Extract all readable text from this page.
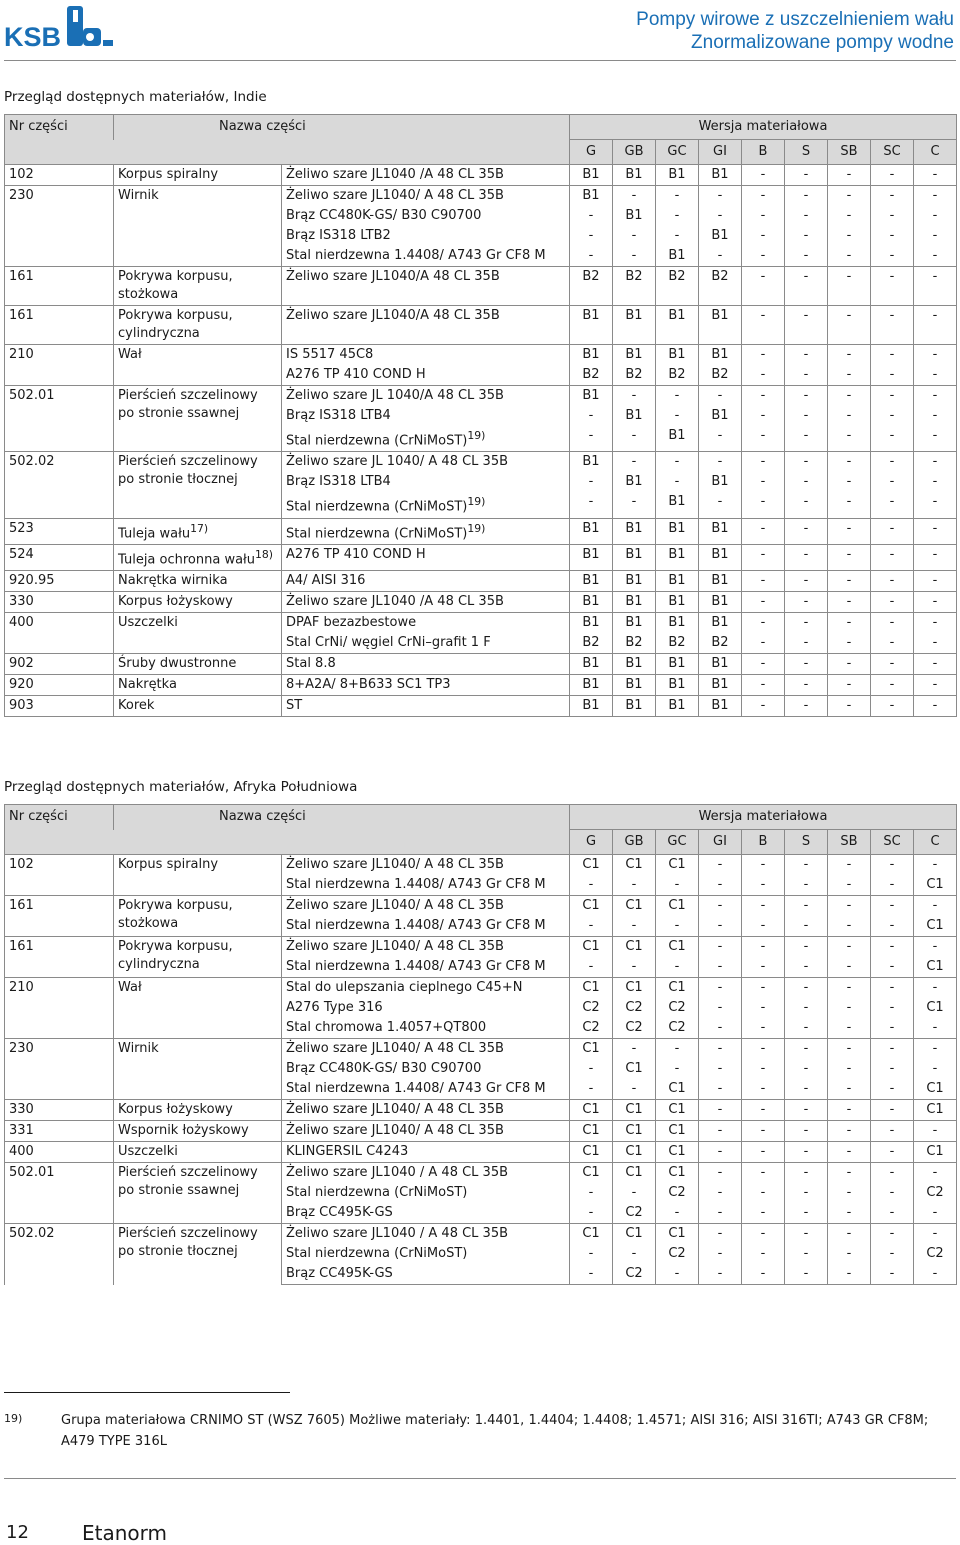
KSB
Pompy wirowe z uszczelnieniem wału
Znormalizowane pompy wodne
Przegląd dostępnych materiałów, Indie
Nr części	Nazwa części		Wersja materiałowa								
			G	GB	GC	GI	B	S	SB	SC	C
102	Korpus spiralny	Żeliwo szare JL1040 /A 48 CL 35B	B1	B1	B1	B1	-	-	-	-	-
230	Wirnik	Żeliwo szare JL1040/ A 48 CL 35B	B1	-	-	-	-	-	-	-	-
		Brąz CC480K-GS/ B30 C90700	-	B1	-	-	-	-	-	-	-
		Brąz IS318 LTB2	-	-	-	B1	-	-	-	-	-
		Stal nierdzewna 1.4408/ A743 Gr CF8 M	-	-	B1	-	-	-	-	-	-
161	Pokrywa korpusu, stożkowa	Żeliwo szare JL1040/A 48 CL 35B	B2	B2	B2	B2	-	-	-	-	-
161	Pokrywa korpusu, cylindryczna	Żeliwo szare JL1040/A 48 CL 35B	B1	B1	B1	B1	-	-	-	-	-
210	Wał	IS 5517 45C8	B1	B1	B1	B1	-	-	-	-	-
		A276 TP 410 COND H	B2	B2	B2	B2	-	-	-	-	-
502.01	Pierścień szczelinowy po stronie ssawnej	Żeliwo szare JL 1040/A 48 CL 35B	B1	-	-	-	-	-	-	-	-
		Brąz IS318 LTB4	-	B1	-	B1	-	-	-	-	-
		Stal nierdzewna (CrNiMoST)$^{19)}$	-	-	B1	-	-	-	-	-	-
502.02	Pierścień szczelinowy po stronie tłocznej	Żeliwo szare JL 1040/ A 48 CL 35B	B1	-	-	-	-	-	-	-	-
		Brąz IS318 LTB4	-	B1	-	B1	-	-	-	-	-
		Stal nierdzewna (CrNiMoST)$^{19)}$	-	-	B1	-	-	-	-	-	-
523	Tuleja wału$^{17)}$	Stal nierdzewna (CrNiMoST)$^{19)}$	B1	B1	B1	B1	-	-	-	-	-
524	Tuleja ochronna wału$^{18)}$	A276 TP 410 COND H	B1	B1	B1	B1	-	-	-	-	-
920.95	Nakrętka wirnika	A4/ AISI 316	B1	B1	B1	B1	-	-	-	-	-
330	Korpus łożyskowy	Żeliwo szare JL1040 /A 48 CL 35B	B1	B1	B1	B1	-	-	-	-	-
400	Uszczelki	DPAF bezazbestowe	B1	B1	B1	B1	-	-	-	-	-
		Stal CrNi/ węgiel CrNi–grafit 1 F	B2	B2	B2	B2	-	-	-	-	-
902	Śruby dwustronne	Stal 8.8	B1	B1	B1	B1	-	-	-	-	-
920	Nakrętka	8+A2A/ 8+B633 SC1 TP3	B1	B1	B1	B1	-	-	-	-	-
903	Korek	ST	B1	B1	B1	B1	-	-	-	-	-
Przegląd dostępnych materiałów, Afryka Południowa
Nr części	Nazwa części		Wersja materiałowa								
			G	GB	GC	GI	B	S	SB	SC	C
102	Korpus spiralny	Żeliwo szare JL1040/ A 48 CL 35B	C1	C1	C1	-	-	-	-	-	-
		Stal nierdzewna 1.4408/ A743 Gr CF8 M	-	-	-	-	-	-	-	-	C1
161	Pokrywa korpusu, stożkowa	Żeliwo szare JL1040/ A 48 CL 35B	C1	C1	C1	-	-	-	-	-	-
		Stal nierdzewna 1.4408/ A743 Gr CF8 M	-	-	-	-	-	-	-	-	C1
161	Pokrywa korpusu, cylindryczna	Żeliwo szare JL1040/ A 48 CL 35B	C1	C1	C1	-	-	-	-	-	-
		Stal nierdzewna 1.4408/ A743 Gr CF8 M	-	-	-	-	-	-	-	-	C1
210	Wał	Stal do ulepszania cieplnego C45+N	C1	C1	C1	-	-	-	-	-	-
		A276 Type 316	C2	C2	C2	-	-	-	-	-	C1
		Stal chromowa 1.4057+QT800	C2	C2	C2	-	-	-	-	-	-
230	Wirnik	Żeliwo szare JL1040/ A 48 CL 35B	C1	-	-	-	-	-	-	-	-
		Brąz CC480K-GS/ B30 C90700	-	C1	-	-	-	-	-	-	-
		Stal nierdzewna 1.4408/ A743 Gr CF8 M	-	-	C1	-	-	-	-	-	C1
330	Korpus łożyskowy	Żeliwo szare JL1040/ A 48 CL 35B	C1	C1	C1	-	-	-	-	-	C1
331	Wspornik łożyskowy	Żeliwo szare JL1040/ A 48 CL 35B	C1	C1	C1	-	-	-	-	-	-
400	Uszczelki	KLINGERSIL C4243	C1	C1	C1	-	-	-	-	-	C1
502.01	Pierścień szczelinowy po stronie ssawnej	Żeliwo szare JL1040 / A 48 CL 35B	C1	C1	C1	-	-	-	-	-	-
		Stal nierdzewna (CrNiMoST)	-	-	C2	-	-	-	-	-	C2
		Brąz CC495K-GS	-	C2	-	-	-	-	-	-	-
502.02	Pierścień szczelinowy po stronie tłocznej	Żeliwo szare JL1040 / A 48 CL 35B	C1	C1	C1	-	-	-	-	-	-
		Stal nierdzewna (CrNiMoST)	-	-	C2	-	-	-	-	-	C2
		Brąz CC495K-GS	-	C2	-	-	-	-	-	-	-
19)	Grupa materiałowa CRNIMO ST (WSZ 7605) Możliwe materiały: 1.4401, 1.4404; 1.4408; 1.4571; AISI 316; AISI 316TI; A743 GR CF8M; A479 TYPE 316L
12	Etanorm
